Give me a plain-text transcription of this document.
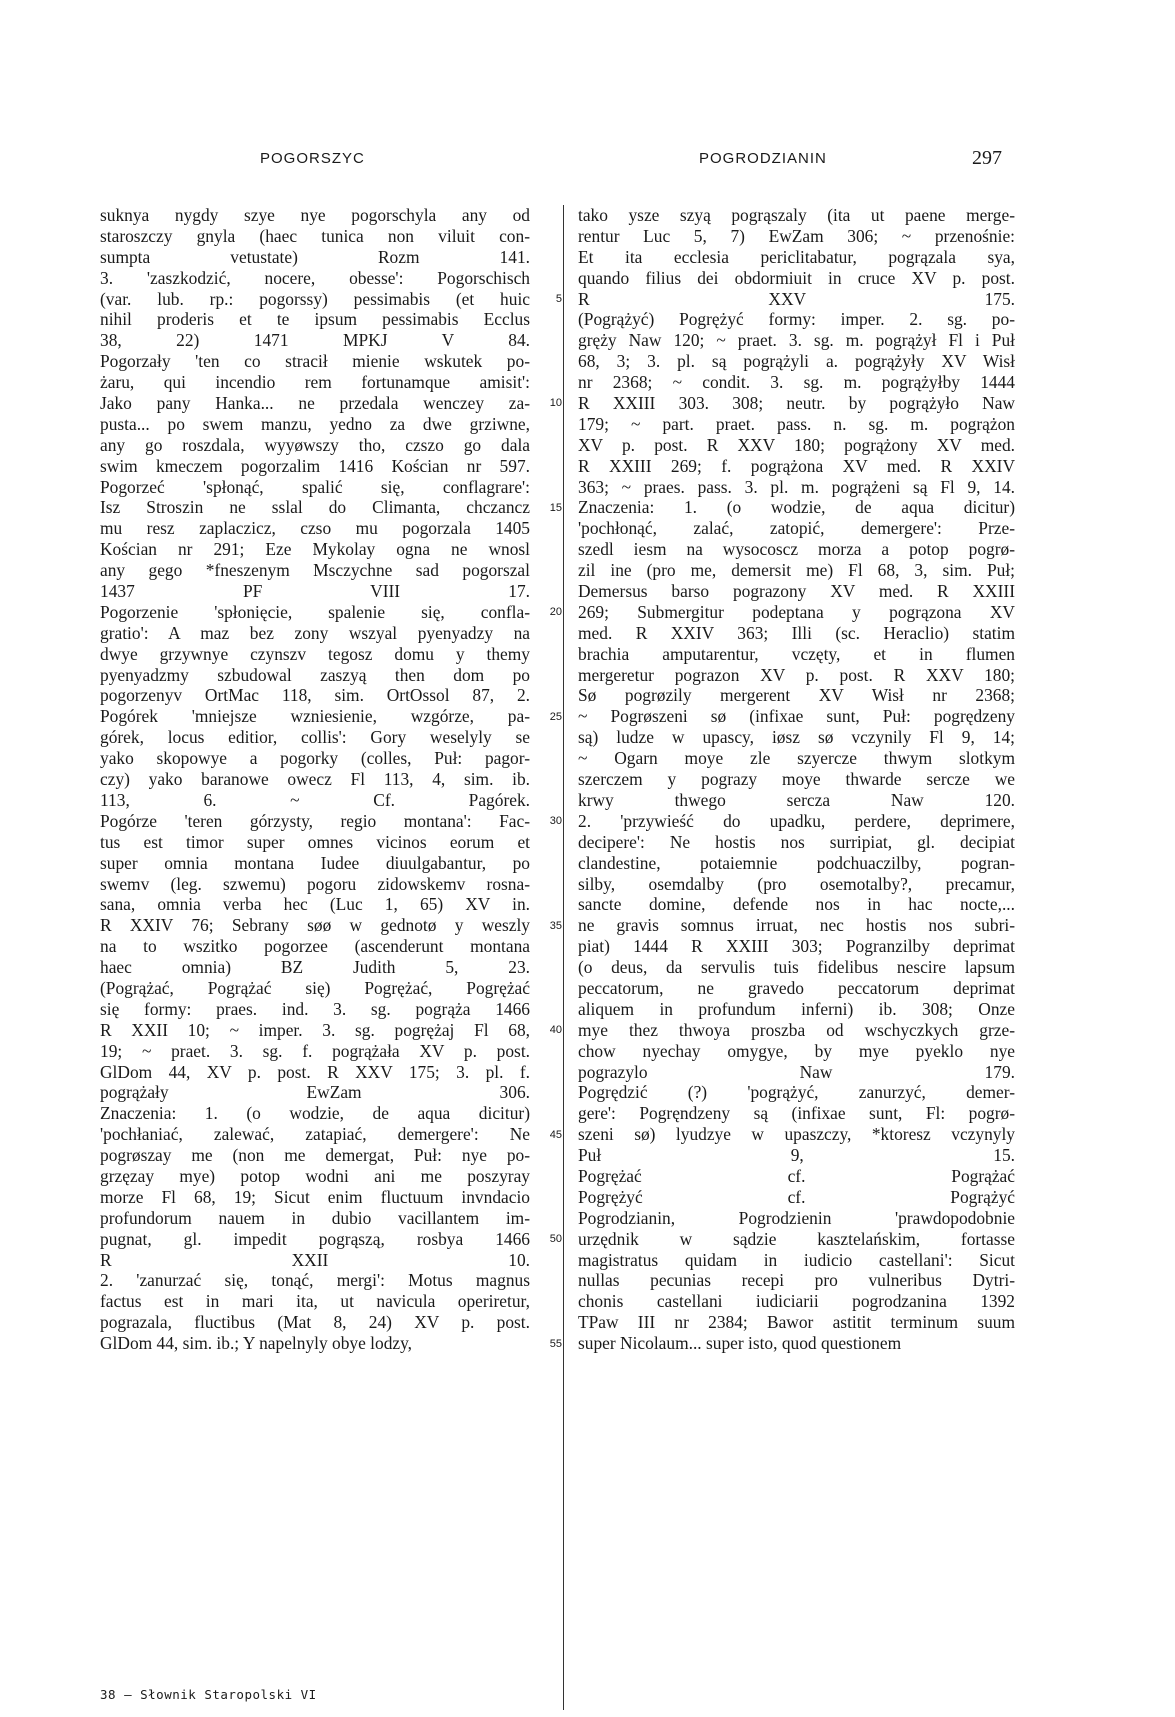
POGORSZYC	POGRODZIANIN	297
suknya nygdy szye nye pogorschyla any od
staroszczy gnyla (haec tunica non viluit con-
sumpta vetustate) Rozm 141.
3. 'zaszkodzić, nocere, obesse': Pogorschisch
(var. lub. rp.: pogorssy) pessimabis (et huic
nihil proderis et te ipsum pessimabis Ecclus
38, 22) 1471 MPKJ V 84.
Pogorzały 'ten co stracił mienie wskutek po-
żaru, qui incendio rem fortunamque amisit':
Jako pany Hanka... ne przedala wenczey za-
pusta... po swem manzu, yedno za dwe grziwne,
any go roszdala, wyyøwszy tho, czszo go dala
swim kmeczem pogorzalim 1416 Kościan nr 597.
Pogorzeć 'spłonąć, spalić się, conflagrare':
Isz Stroszin ne sslal do Climanta, chczancz
mu resz zaplaczicz, czso mu pogorzala 1405
Kościan nr 291; Eze Mykolay ogna ne wnosl
any gego *fneszenym Msczychne sad pogorszal
1437 PF VIII 17.
Pogorzenie 'spłonięcie, spalenie się, confla-
gratio': A maz bez zony wszyal pyenyadzy na
dwye grzywnye czynszv tegosz domu y themy
pyenyadzmy szbudowal zaszyą then dom po
pogorzenyv OrtMac 118, sim. OrtOssol 87, 2.
Pogórek 'mniejsze wzniesienie, wzgórze, pa-
górek, locus editior, collis': Gory weselyly se
yako skopowye a pogorky (colles, Puł: pagor-
czy) yako baranowe owecz Fl 113, 4, sim. ib.
113, 6. ~ Cf. Pagórek.
Pogórze 'teren górzysty, regio montana': Fac-
tus est timor super omnes vicinos eorum et
super omnia montana Iudee diuulgabantur, po
swemv (leg. szwemu) pogoru zidowskemv rosna-
sana, omnia verba hec (Luc 1, 65) XV in.
R XXIV 76; Sebrany søø w gednotø y weszly
na to wszitko pogorzee (ascenderunt montana
haec omnia) BZ Judith 5, 23.
(Pogrążać, Pogrążać się) Pogrężać, Pogrężać
się formy: praes. ind. 3. sg. pogrąża 1466
R XXII 10; ~ imper. 3. sg. pogrężaj Fl 68,
19; ~ praet. 3. sg. f. pogrążała XV p. post.
GlDom 44, XV p. post. R XXV 175; 3. pl. f.
pogrążały EwZam 306.
Znaczenia: 1. (o wodzie, de aqua dicitur)
'pochłaniać, zalewać, zatapiać, demergere': Ne
pogrøszay me (non me demergat, Puł: nye po-
grzęzay mye) potop wodni ani me poszyray
morze Fl 68, 19; Sicut enim fluctuum invndacio
profundorum nauem in dubio vacillantem im-
pugnat, gl. impedit pogrąszą, rosbya 1466
R XXII 10.
2. 'zanurzać się, tonąć, mergi': Motus magnus
factus est in mari ita, ut navicula operiretur,
pograzala, fluctibus (Mat 8, 24) XV p. post.
GlDom 44, sim. ib.; Y napelnyly obye lodzy,
5
10
15
20
25
30
35
40
45
50
55
tako ysze szyą pogrąszaly (ita ut paene merge-
rentur Luc 5, 7) EwZam 306; ~ przenośnie:
Et ita ecclesia periclitabatur, pogrązala sya,
quando filius dei obdormiuit in cruce XV p. post.
R XXV 175.
(Pogrążyć) Pogrężyć formy: imper. 2. sg. po-
gręży Naw 120; ~ praet. 3. sg. m. pogrążył Fl i Puł
68, 3; 3. pl. są pogrążyli a. pogrążyły XV Wisł
nr 2368; ~ condit. 3. sg. m. pogrążyłby 1444
R XXIII 303. 308; neutr. by pogrążyło Naw
179; ~ part. praet. pass. n. sg. m. pogrążon
XV p. post. R XXV 180; pogrążony XV med.
R XXIII 269; f. pogrążona XV med. R XXIV
363; ~ praes. pass. 3. pl. m. pogrążeni są Fl 9, 14.
Znaczenia: 1. (o wodzie, de aqua dicitur)
'pochłonąć, zalać, zatopić, demergere': Prze-
szedl iesm na wysocoscz morza a potop pogrø-
zil ine (pro me, demersit me) Fl 68, 3, sim. Puł;
Demersus barso pograzony XV med. R XXIII
269; Submergitur podeptana y pogrązona XV
med. R XXIV 363; Illi (sc. Heraclio) statim
brachia amputarentur, vczęty, et in flumen
mergeretur pograzon XV p. post. R XXV 180;
Sø pogrøzily mergerent XV Wisł nr 2368;
~ Pogrøszeni sø (infixae sunt, Puł: pogrędzeny
są) ludze w upascy, iøsz sø vczynily Fl 9, 14;
~ Ogarn moye zle szyercze thwym slotkym
szerczem y pograzy moye thwarde sercze we
krwy thwego sercza Naw 120.
2. 'przywieść do upadku, perdere, deprimere,
decipere': Ne hostis nos surripiat, gl. decipiat
clandestine, potaiemnie podchuaczilby, pogran-
silby, osemdalby (pro osemotalby?, precamur,
sancte domine, defende nos in hac nocte,...
ne gravis somnus irruat, nec hostis nos subri-
piat) 1444 R XXIII 303; Pogranzilby deprimat
(o deus, da servulis tuis fidelibus nescire lapsum
peccatorum, ne gravedo peccatorum deprimat
aliquem in profundum inferni) ib. 308; Onze
mye thez thwoya proszba od wschyczkych grze-
chow nyechay omygye, by mye pyeklo nye
pograzylo Naw 179.
Pogrędzić (?) 'pogrążyć, zanurzyć, demer-
gere': Pogręndzeny są (infixae sunt, Fl: pogrø-
szeni sø) lyudzye w upaszczy, *ktoresz vczynyly
Puł 9, 15.
Pogrężać cf. Pogrążać
Pogrężyć cf. Pogrążyć
Pogrodzianin, Pogrodzienin 'prawdopodobnie
urzędnik w sądzie kasztelańskim, fortasse
magistratus quidam in iudicio castellani': Sicut
nullas pecunias recepi pro vulneribus Dytri-
chonis castellani iudiciarii pogrodzanina 1392
TPaw III nr 2384; Bawor astitit terminum suum
super Nicolaum... super isto, quod questionem
38 — Słownik Staropolski VI
